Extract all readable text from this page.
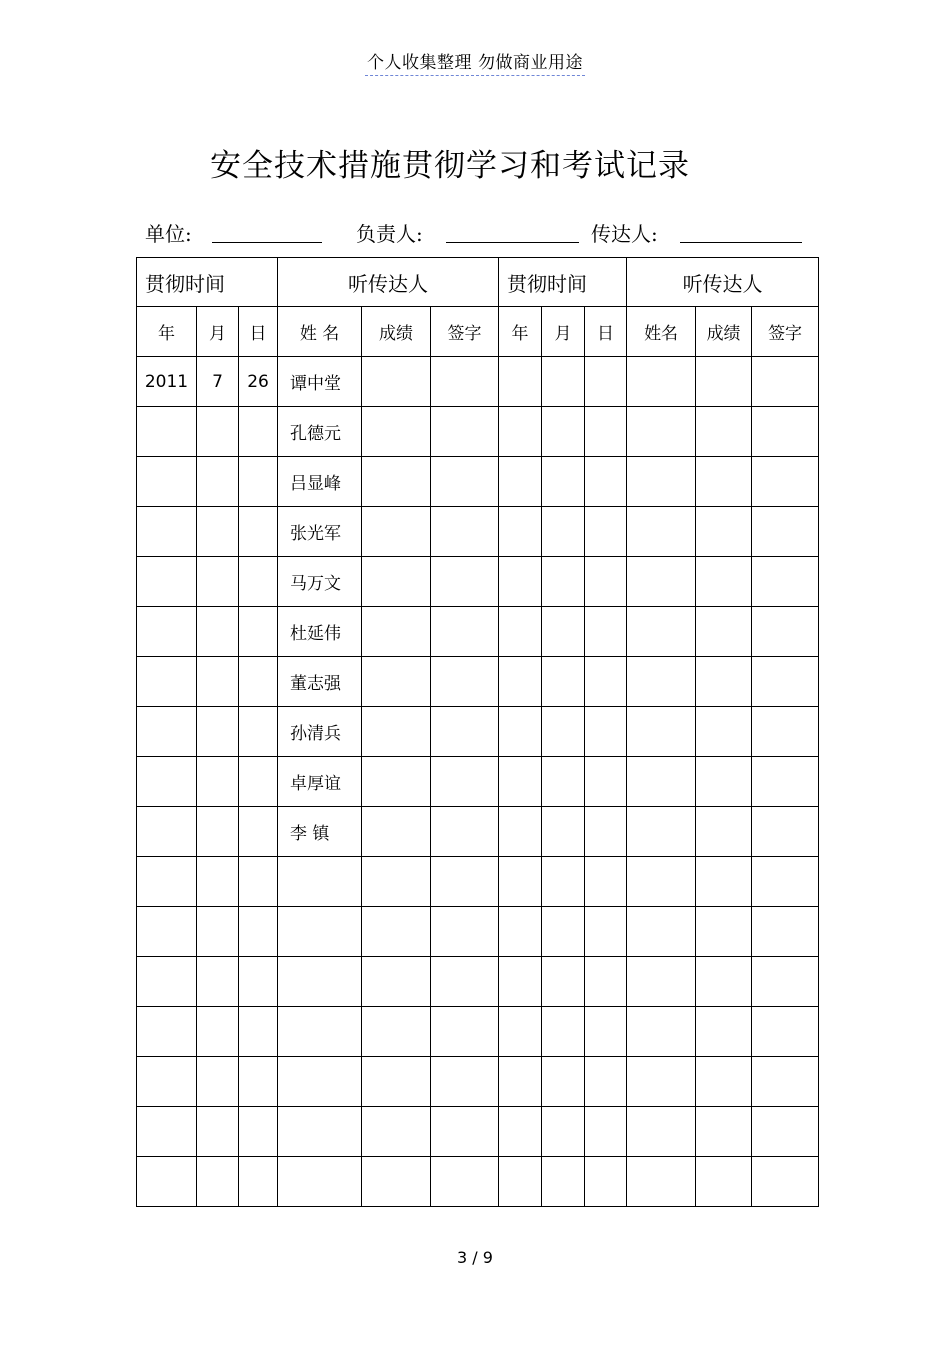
个人收集整理 勿做商业用途
安全技术措施贯彻学习和考试记录
单位:	负责人:	传达人:
贯彻时间			听传达人			贯彻时间			听传达人		
年	月	日	姓 名	成绩	签字	年	月	日	姓名	成绩	签字
2011	7	26	谭中堂								
			孔德元								
			吕显峰								
			张光军								
			马万文								
			杜延伟								
			董志强								
			孙清兵								
			卓厚谊								
			李 镇								

3 / 9
